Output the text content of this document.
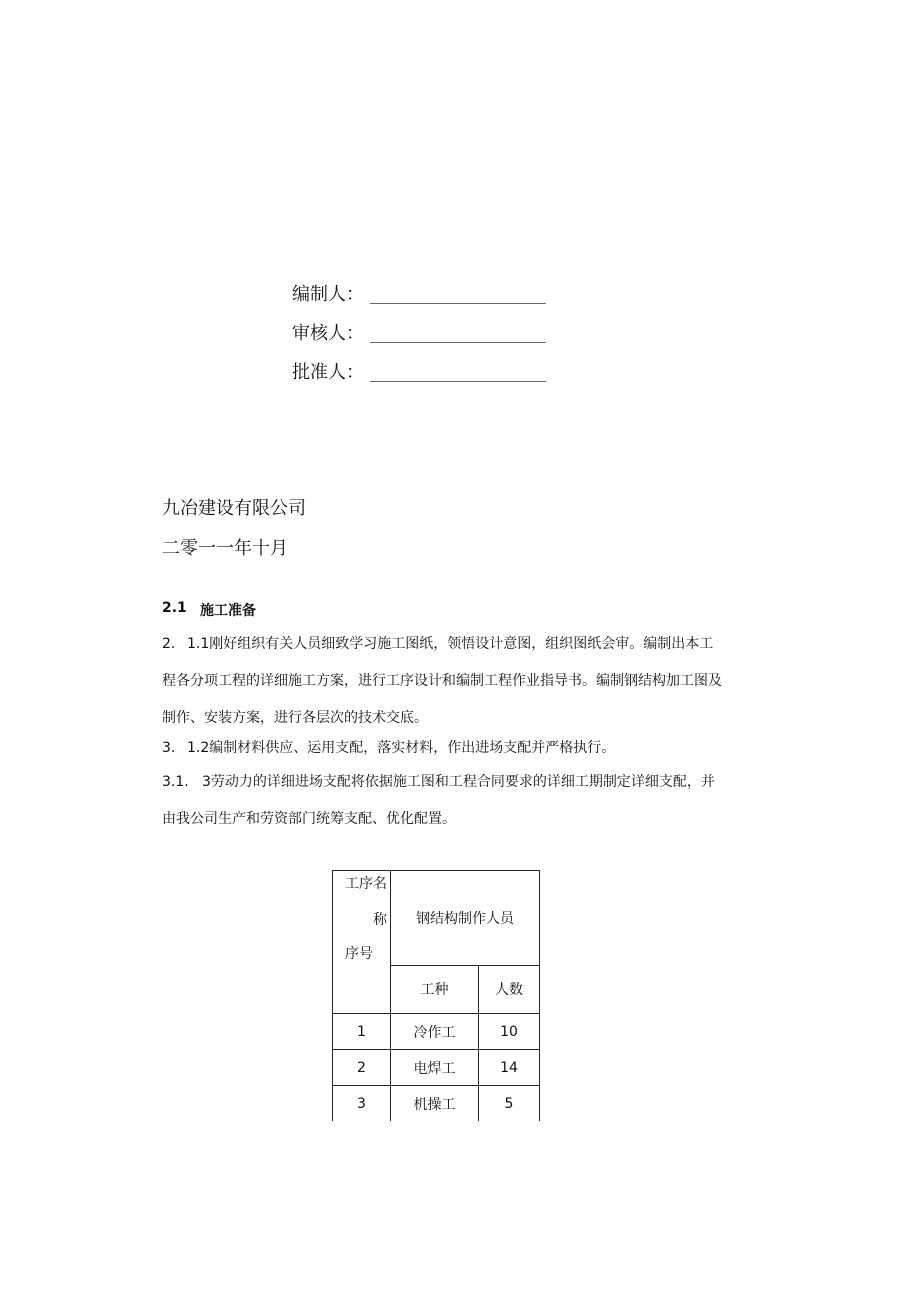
编制人：
审核人：
批准人：
九冶建设有限公司
二零一一年十月
2.1 施工准备

2. 1.1刚好组织有关人员细致学习施工图纸，领悟设计意图，组织图纸会审。编制出本工程各分项工程的详细施工方案，进行工序设计和编制工程作业指导书。编制钢结构加工图及制作、安装方案，进行各层次的技术交底。

3. 1.2编制材料供应、运用支配，落实材料，作出进场支配并严格执行。

3.1. 3劳动力的详细进场支配将依据施工图和工程合同要求的详细工期制定详细支配，并由我公司生产和劳资部门统筹支配、优化配置。

工序名
称
序号	钢结构制作人员	
	工种	人数
1	冷作工	10
2	电焊工	14
3	机操工	5
